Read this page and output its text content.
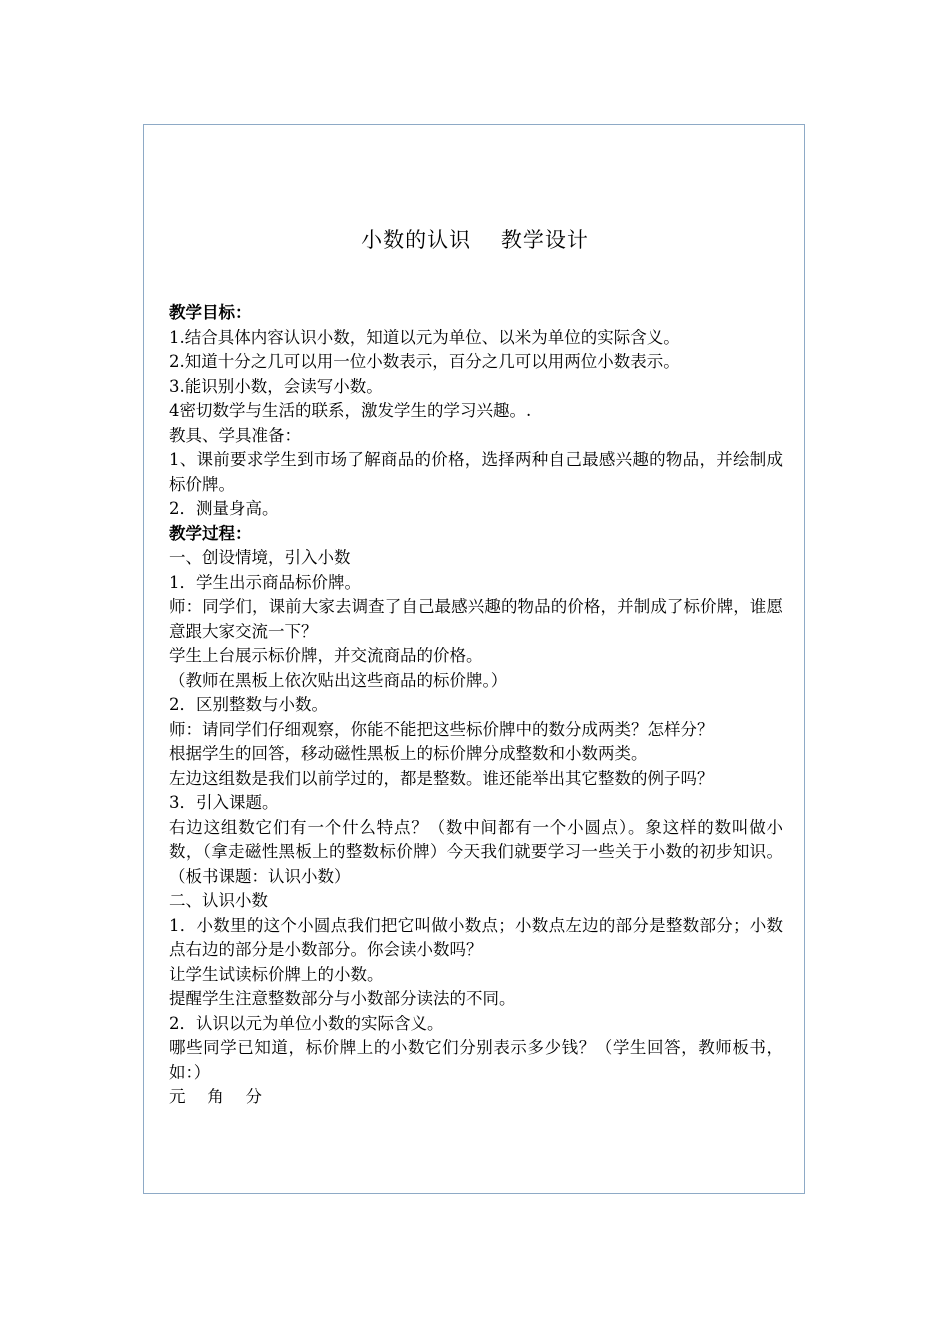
小数的认识　 教学设计
教学目标：
1.结合具体内容认识小数，知道以元为单位、以米为单位的实际含义。
2.知道十分之几可以用一位小数表示，百分之几可以用两位小数表示。
3.能识别小数，会读写小数。
4密切数学与生活的联系，激发学生的学习兴趣。.
教具、学具准备：
1、课前要求学生到市场了解商品的价格，选择两种自己最感兴趣的物品，并绘制成标价牌。
2．测量身高。
教学过程：
一、创设情境，引入小数
1．学生出示商品标价牌。
师：同学们，课前大家去调查了自己最感兴趣的物品的价格，并制成了标价牌，谁愿意跟大家交流一下？
学生上台展示标价牌，并交流商品的价格。
（教师在黑板上依次贴出这些商品的标价牌。）
2．区别整数与小数。
师：请同学们仔细观察，你能不能把这些标价牌中的数分成两类？怎样分？
根据学生的回答，移动磁性黑板上的标价牌分成整数和小数两类。
左边这组数是我们以前学过的，都是整数。谁还能举出其它整数的例子吗？
3．引入课题。
右边这组数它们有一个什么特点？（数中间都有一个小圆点）。象这样的数叫做小数，（拿走磁性黑板上的整数标价牌）今天我们就要学习一些关于小数的初步知识。（板书课题：认识小数）
二、认识小数
1．小数里的这个小圆点我们把它叫做小数点；小数点左边的部分是整数部分；小数点右边的部分是小数部分。你会读小数吗？
让学生试读标价牌上的小数。
提醒学生注意整数部分与小数部分读法的不同。
2．认识以元为单位小数的实际含义。
哪些同学已知道，标价牌上的小数它们分别表示多少钱？（学生回答，教师板书，如：）
元　 角　 分
